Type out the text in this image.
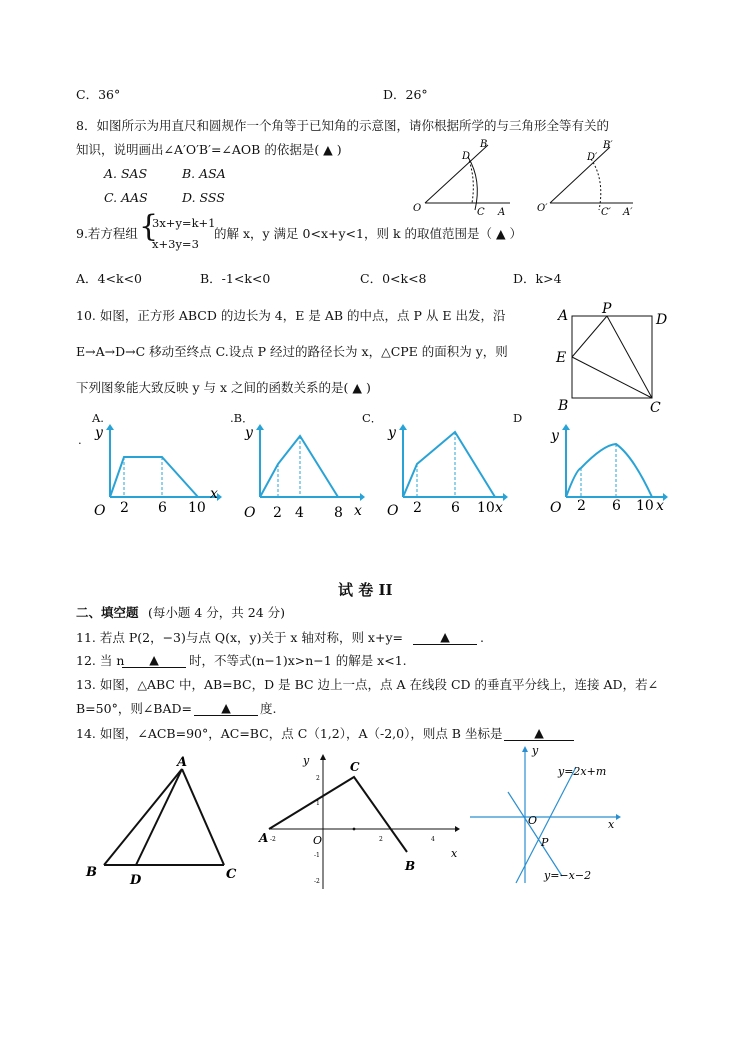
C．36°	D．26°
8．如图所示为用直尺和圆规作一个角等于已知角的示意图，请你根据所学的与三角形全等有关的
知识，说明画出∠A′O′B′=∠AOB 的依据是( ▲ )
A. SAS	B. ASA
C. AAS	D. SSS
B
D
O	C A
B′
D′
O′	C′ A′
9.若方程组 {
3x+y=k+1
x+3y=3
的解 x，y 满足 0<x+y<1，则 k 的取值范围是（ ▲ ）
A．4<k<0	B．-1<k<0	C．0<k<8	D．k>4
10. 如图，正方形 ABCD 的边长为 4，E 是 AB 的中点，点 P 从 E 出发，沿
E→A→D→C 移动至终点 C.设点 P 经过的路径长为 x，△CPE 的面积为 y，则
下列图象能大致反映 y 与 x 之间的函数关系的是( ▲ )
A P
D
E
B	C
A.
.
.B．	C．	D
O 2 6 10
x
y
O 2 4 8 x
y
O 2 6 10 x
y
O 2 6 10 x
y
试 卷 II
二、填空题 (每小题 4 分，共 24 分)
11. 若点 P(2，−3)与点 Q(x，y)关于 x 轴对称，则 x+y=	▲	.
12. 当 n	▲	时，不等式(n−1)x>n−1 的解是 x<1.
13. 如图，△ABC 中，AB=BC，D 是 BC 边上一点，点 A 在线段 CD 的垂直平分线上，连接 AD，若∠
B=50°，则∠BAD=	▲	度.
14. 如图，∠ACB=90°，AC=BC，点 C（1,2），A（-2,0），则点 B 坐标是	▲
A
B
D	C
y	C
A -2	O	2	4
x
B
2
1
-1
-2
y
y=2x+m
O	x
P
y=−x−2
